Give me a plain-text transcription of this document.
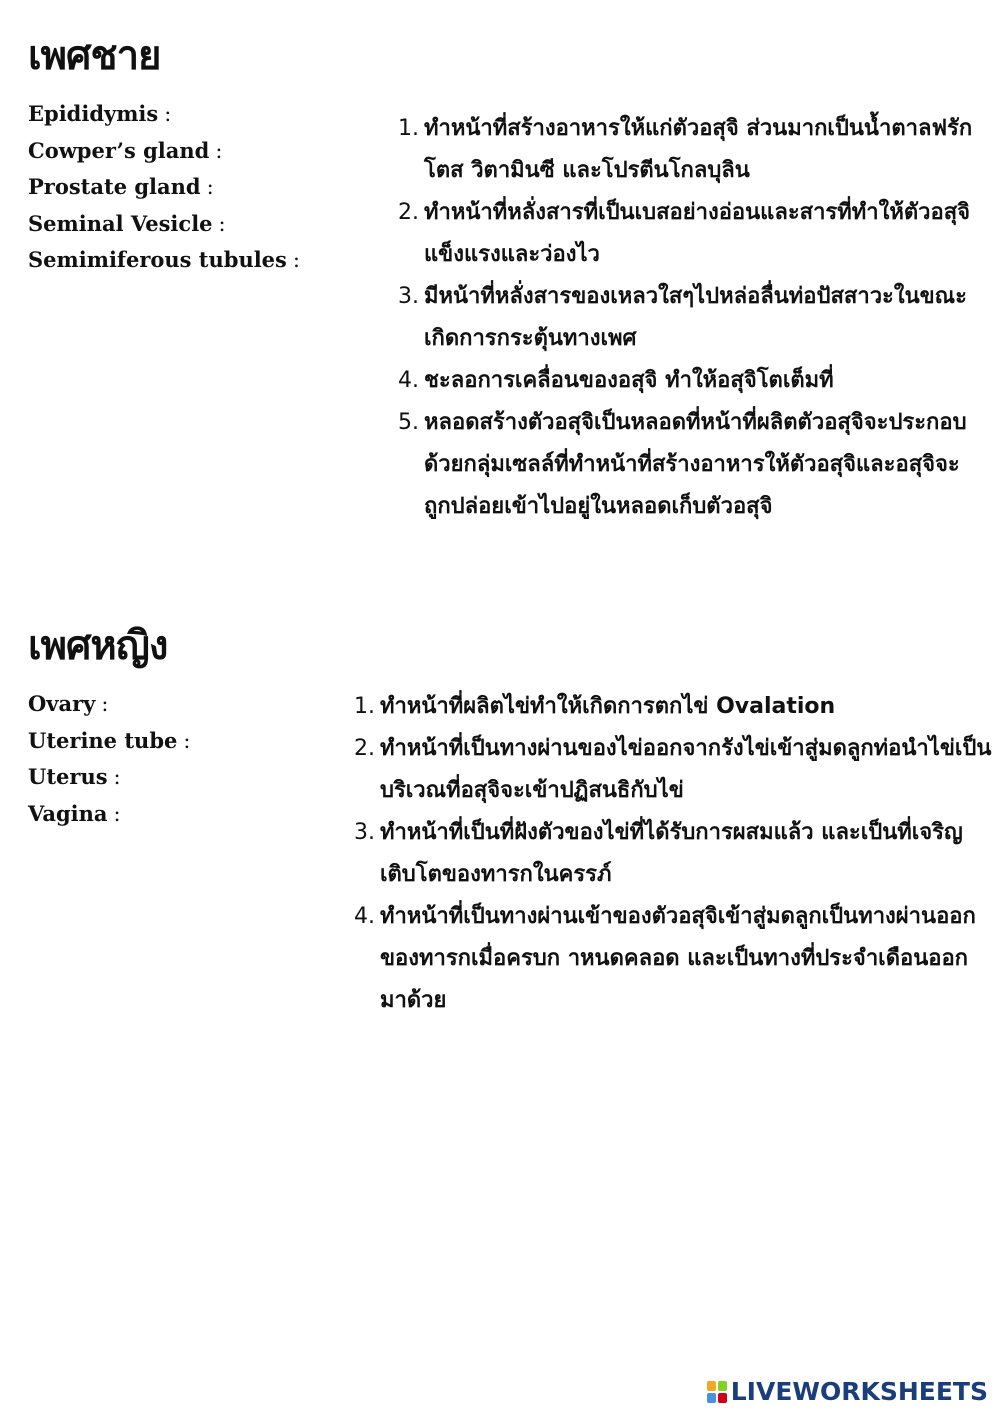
เพศชาย
Epididymis :
Cowper’s gland :
Prostate gland :
Seminal Vesicle :
Semimiferous tubules :
1. ทำหน้าที่สร้างอาหารให้แก่ตัวอสุจิ ส่วนมากเป็นน้ำตาลฟรักโตส วิตามินซี และโปรตีนโกลบุลิน
2. ทำหน้าที่หลั่งสารที่เป็นเบสอย่างอ่อนและสารที่ทำให้ตัวอสุจิแข็งแรงและว่องไว
3. มีหน้าที่หลั่งสารของเหลวใสๆไปหล่อลื่นท่อปัสสาวะในขณะเกิดการกระตุ้นทางเพศ
4. ชะลอการเคลื่อนของอสุจิ ทำให้อสุจิโตเต็มที่
5. หลอดสร้างตัวอสุจิเป็นหลอดที่หน้าที่ผลิตตัวอสุจิจะประกอบด้วยกลุ่มเซลล์ที่ทำหน้าที่สร้างอาหารให้ตัวอสุจิและอสุจิจะถูกปล่อยเข้าไปอยู่ในหลอดเก็บตัวอสุจิ
เพศหญิง
Ovary :
Uterine tube :
Uterus :
Vagina :
1. ทำหน้าที่ผลิตไข่ทำให้เกิดการตกไข่ Ovalation
2. ทำหน้าที่เป็นทางผ่านของไข่ออกจากรังไข่เข้าสู่มดลูกท่อนำไข่เป็นบริเวณที่อสุจิจะเข้าปฏิสนธิกับไข่
3. ทำหน้าที่เป็นที่ฝังตัวของไข่ที่ได้รับการผสมแล้ว และเป็นที่เจริญเติบโตของทารกในครรภ์
4. ทำหน้าที่เป็นทางผ่านเข้าของตัวอสุจิเข้าสู่มดลูกเป็นทางผ่านออกของทารกเมื่อครบก าหนดคลอด และเป็นทางที่ประจำเดือนออกมาด้วย
LIVEWORKSHEETS
